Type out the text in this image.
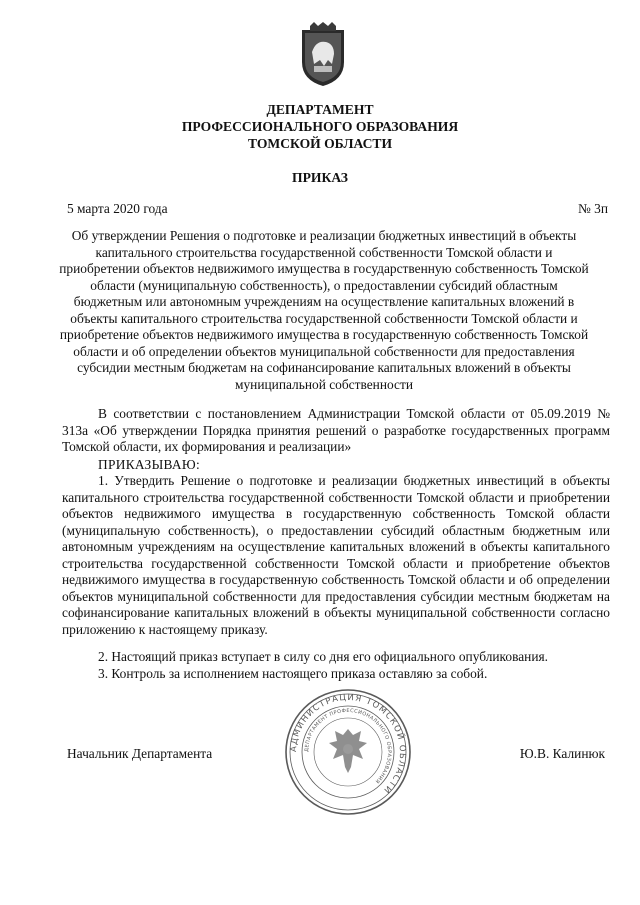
ДЕПАРТАМЕНТ
ПРОФЕССИОНАЛЬНОГО ОБРАЗОВАНИЯ
ТОМСКОЙ ОБЛАСТИ
ПРИКАЗ
5 марта 2020 года	№ 3п
Об утверждении Решения о подготовке и реализации бюджетных инвестиций в объекты капитального строительства государственной собственности Томской области и приобретении объектов недвижимого имущества в государственную собственность Томской области (муниципальную собственность), о предоставлении субсидий областным бюджетным или автономным учреждениям на осуществление капитальных вложений в объекты капитального строительства государственной собственности Томской области и приобретение объектов недвижимого имущества в государственную собственность Томской области и об определении объектов муниципальной собственности для предоставления субсидии местным бюджетам на софинансирование капитальных вложений в объекты муниципальной собственности
В соответствии с постановлением Администрации Томской области от 05.09.2019 № 313а «Об утверждении Порядка принятия решений о разработке государственных программ Томской области, их формирования и реализации»
ПРИКАЗЫВАЮ:
1. Утвердить Решение о подготовке и реализации бюджетных инвестиций в объекты капитального строительства государственной собственности Томской области и приобретении объектов недвижимого имущества в государственную собственность Томской области (муниципальную собственность), о предоставлении субсидий областным бюджетным или автономным учреждениям на осуществление капитальных вложений в объекты капитального строительства государственной собственности Томской области и приобретение объектов недвижимого имущества в государственную собственность Томской области и об определении объектов муниципальной собственности для предоставления субсидии местным бюджетам на софинансирование капитальных вложений в объекты муниципальной собственности согласно приложению к настоящему приказу.
2. Настоящий приказ вступает в силу со дня его официального опубликования.
3. Контроль за исполнением настоящего приказа оставляю за собой.
АДМИНИСТРАЦИЯ ТОМСКОЙ ОБЛАСТИ
ДЕПАРТАМЕНТ ПРОФЕССИОНАЛЬНОГО ОБРАЗОВАНИЯ
Начальник Департамента	Ю.В. Калинюк
